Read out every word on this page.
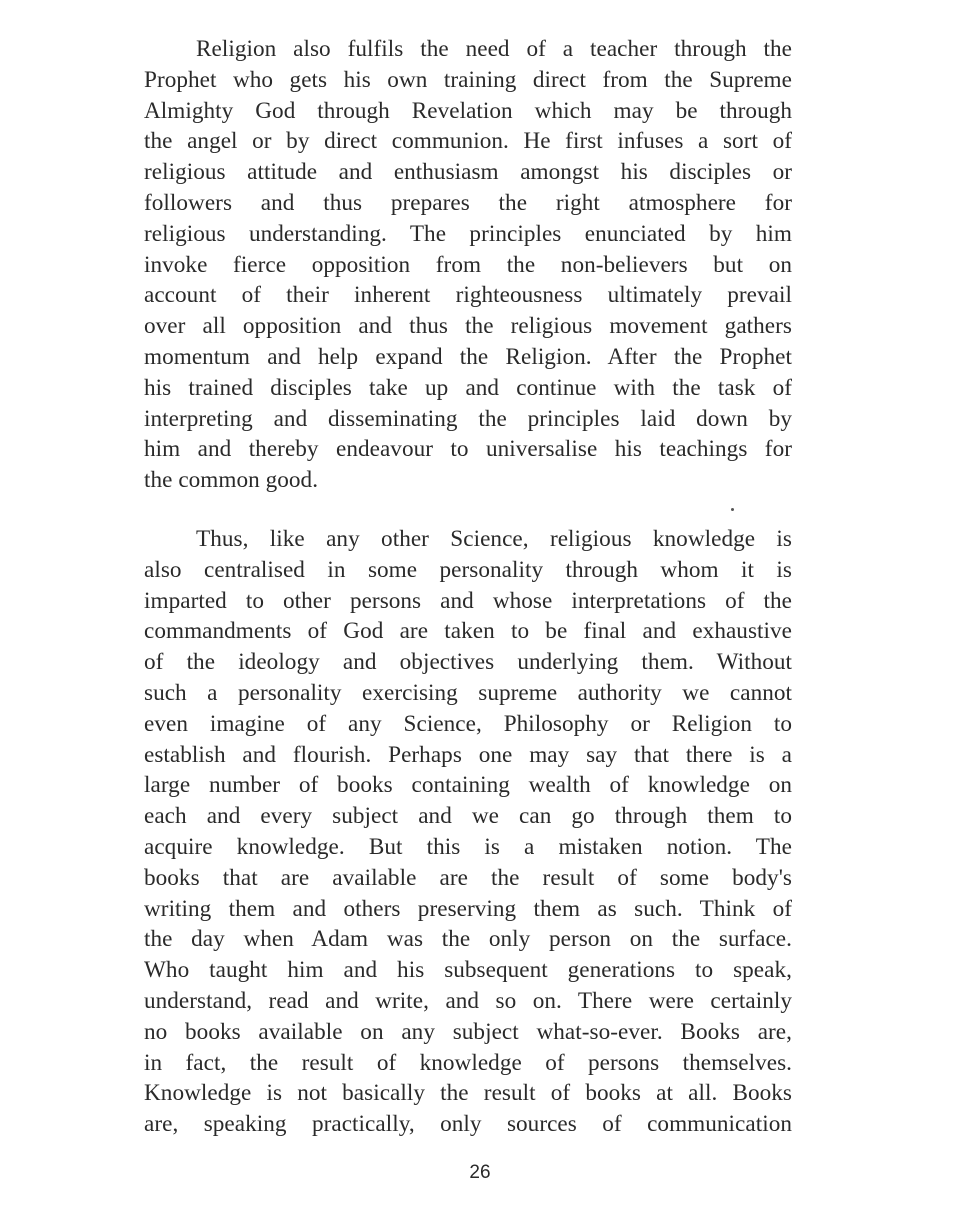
Religion also fulfils the need of a teacher through the
Prophet who gets his own training direct from the Supreme
Almighty God through Revelation which may be through
the angel or by direct communion. He first infuses a sort of
religious attitude and enthusiasm amongst his disciples or
followers and thus prepares the right atmosphere for
religious understanding. The principles enunciated by him
invoke fierce opposition from the non-believers but on
account of their inherent righteousness ultimately prevail
over all opposition and thus the religious movement gathers
momentum and help expand the Religion. After the Prophet
his trained disciples take up and continue with the task of
interpreting and disseminating the principles laid down by
him and thereby endeavour to universalise his teachings for
the common good.
Thus, like any other Science, religious knowledge is
also centralised in some personality through whom it is
imparted to other persons and whose interpretations of the
commandments of God are taken to be final and exhaustive
of the ideology and objectives underlying them. Without
such a personality exercising supreme authority we cannot
even imagine of any Science, Philosophy or Religion to
establish and flourish. Perhaps one may say that there is a
large number of books containing wealth of knowledge on
each and every subject and we can go through them to
acquire knowledge. But this is a mistaken notion. The
books that are available are the result of some body's
writing them and others preserving them as such. Think of
the day when Adam was the only person on the surface.
Who taught him and his subsequent generations to speak,
understand, read and write, and so on. There were certainly
no books available on any subject what-so-ever. Books are,
in fact, the result of knowledge of persons themselves.
Knowledge is not basically the result of books at all. Books
are, speaking practically, only sources of communication
26
